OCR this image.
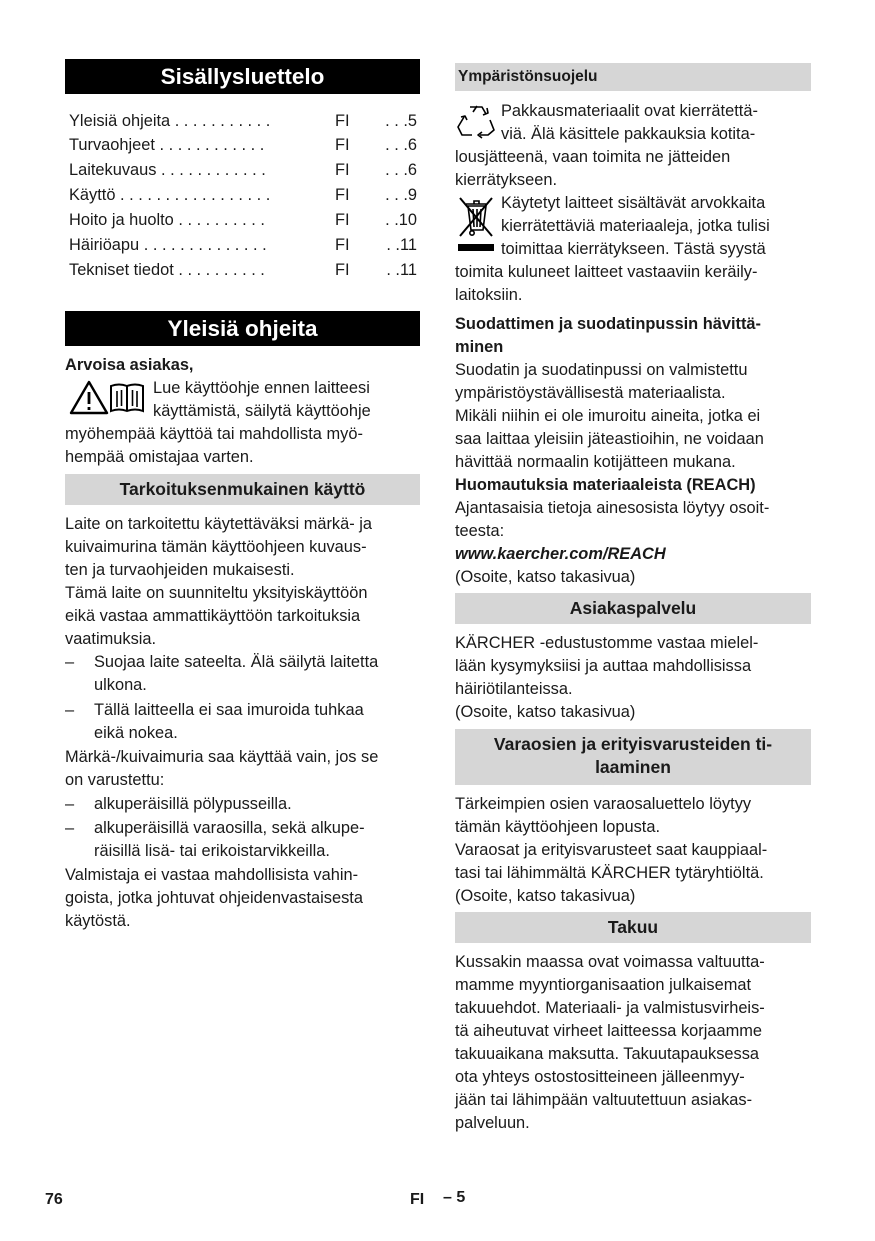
Sisällysluettelo
Yleisiä ohjeita . . . . . . . . . . .	FI . . .5
Turvaohjeet . . . . . . . . . . . .	FI . . .6
Laitekuvaus . . . . . . . . . . . .	FI . . .6
Käyttö . . . . . . . . . . . . . . . . .	FI . . .9
Hoito ja huolto . . . . . . . . . .	FI . .10
Häiriöapu . . . . . . . . . . . . . .	FI . .11
Tekniset tiedot . . . . . . . . . .	FI . .11
Yleisiä ohjeita
Arvoisa asiakas,
Lue käyttöohje ennen laitteesi
käyttämistä, säilytä käyttöohje
myöhempää käyttöä tai mahdollista myö-
hempää omistajaa varten.
Tarkoituksenmukainen käyttö
Laite on tarkoitettu käytettäväksi märkä- ja
kuivaimurina tämän käyttöohjeen kuvaus-
ten ja turvaohjeiden mukaisesti.
Tämä laite on suunniteltu yksityiskäyttöön
eikä vastaa ammattikäyttöön tarkoituksia
vaatimuksia.
– Suojaa laite sateelta. Älä säilytä laitetta
ulkona.
– Tällä laitteella ei saa imuroida tuhkaa
eikä nokea.
Märkä-/kuivaimuria saa käyttää vain, jos se
on varustettu:
– alkuperäisillä pölypusseilla.
– alkuperäisillä varaosilla, sekä alkupe-
räisillä lisä- tai erikoistarvikkeilla.
Valmistaja ei vastaa mahdollisista vahin-
goista, jotka johtuvat ohjeidenvastaisesta
käytöstä.
Ympäristönsuojelu
Pakkausmateriaalit ovat kierrätettä-
viä. Älä käsittele pakkauksia kotita-
lousjätteenä, vaan toimita ne jätteiden
kierrätykseen.
Käytetyt laitteet sisältävät arvokkaita
kierrätettäviä materiaaleja, jotka tulisi
toimittaa kierrätykseen. Tästä syystä
toimita kuluneet laitteet vastaaviin keräily-
laitoksiin.
Suodattimen ja suodatinpussin hävittä-
minen
Suodatin ja suodatinpussi on valmistettu
ympäristöystävällisestä materiaalista.
Mikäli niihin ei ole imuroitu aineita, jotka ei
saa laittaa yleisiin jäteastioihin, ne voidaan
hävittää normaalin kotijätteen mukana.
Huomautuksia materiaaleista (REACH)
Ajantasaisia tietoja ainesosista löytyy osoit-
teesta:
www.kaercher.com/REACH
(Osoite, katso takasivua)
Asiakaspalvelu
KÄRCHER -edustustomme vastaa mielel-
lään kysymyksiisi ja auttaa mahdollisissa
häiriötilanteissa.
(Osoite, katso takasivua)
Varaosien ja erityisvarusteiden ti-
laaminen
Tärkeimpien osien varaosaluettelo löytyy
tämän käyttöohjeen lopusta.
Varaosat ja erityisvarusteet saat kauppiaal-
tasi tai lähimmältä KÄRCHER tytäryhtiöltä.
(Osoite, katso takasivua)
Takuu
Kussakin maassa ovat voimassa valtuutta-
mamme myyntiorganisaation julkaisemat
takuuehdot. Materiaali- ja valmistusvirheis-
tä aiheutuvat virheet laitteessa korjaamme
takuuaikana maksutta. Takuutapauksessa
ota yhteys ostostositteineen jälleenmyy-
jään tai lähimpään valtuutettuun asiakas-
palveluun.
76	FI – 5
